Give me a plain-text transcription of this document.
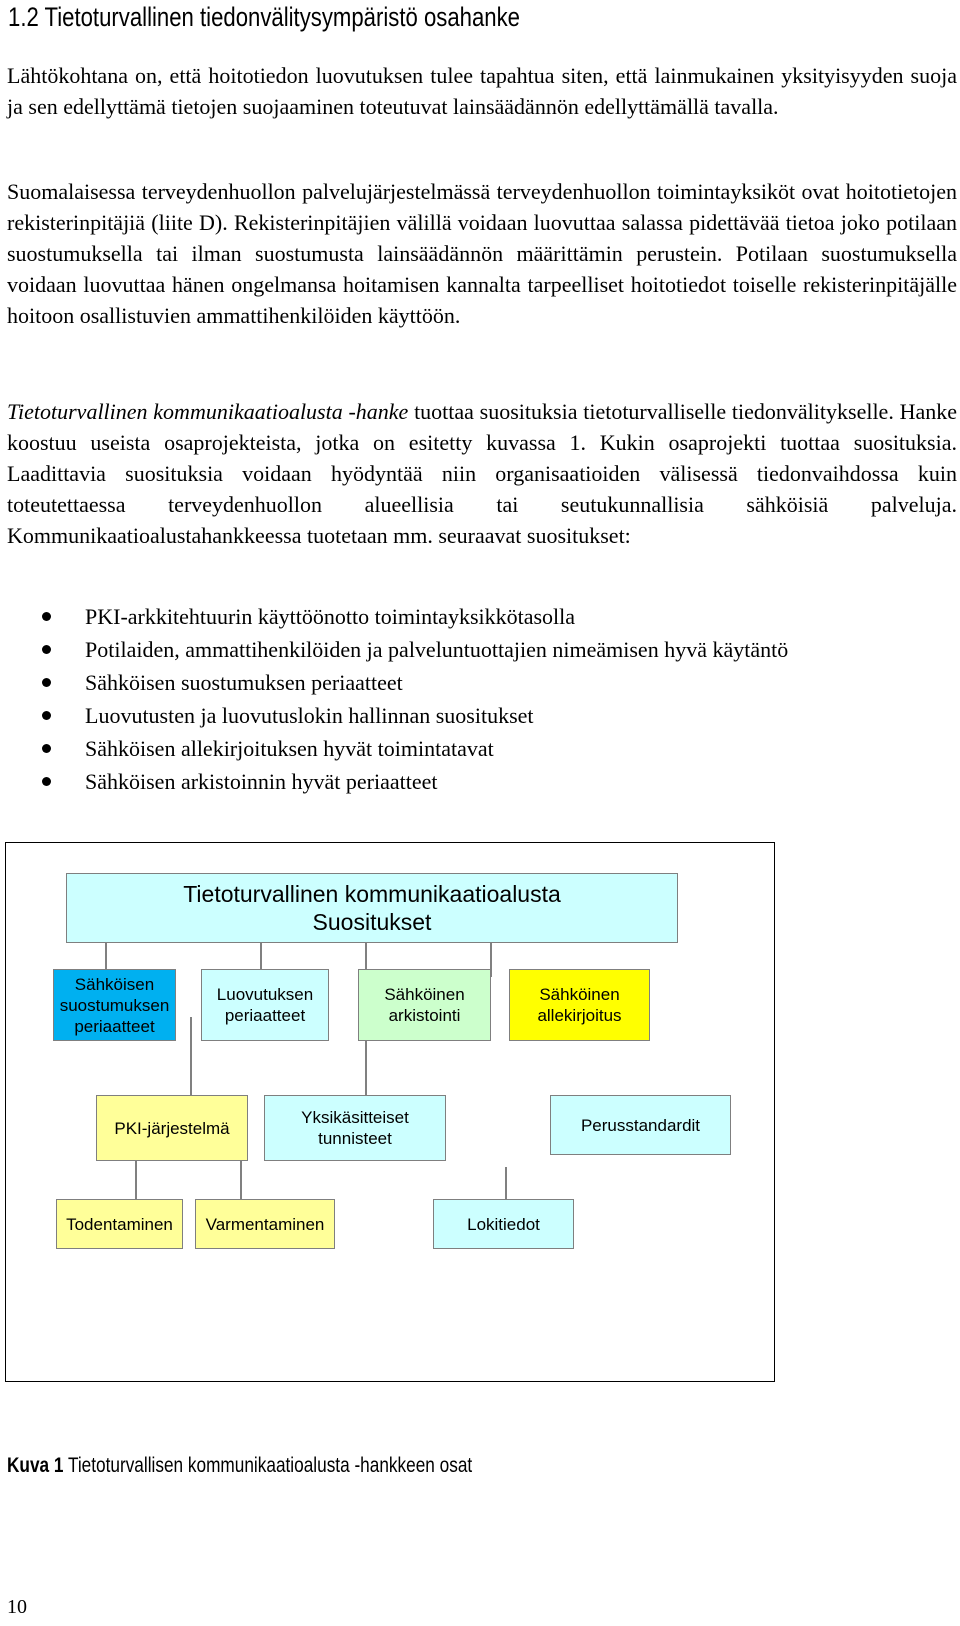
1.2 Tietoturvallinen tiedonvälitysympäristö osahanke

Lähtökohtana on, että hoitotiedon luovutuksen tulee tapahtua siten, että lainmukainen yksityisyyden suoja ja sen edellyttämä tietojen suojaaminen toteutuvat lainsäädännön edellyttämällä tavalla.

Suomalaisessa terveydenhuollon palvelujärjestelmässä terveydenhuollon toimintayksiköt ovat hoitotietojen rekisterinpitäjiä (liite D). Rekisterinpitäjien välillä voidaan luovuttaa salassa pidettävää tietoa joko potilaan suostumuksella tai ilman suostumusta lainsäädännön määrittämin perustein. Potilaan suostumuksella voidaan luovuttaa hänen ongelmansa hoitamisen kannalta tarpeelliset hoitotiedot toiselle rekisterinpitäjälle hoitoon osallistuvien ammattihenkilöiden käyttöön.

Tietoturvallinen kommunikaatioalusta -hanke tuottaa suosituksia tietoturvalliselle tiedonvälitykselle. Hanke koostuu useista osaprojekteista, jotka on esitetty kuvassa 1. Kukin osaprojekti tuottaa suosituksia. Laadittavia suosituksia voidaan hyödyntää niin organisaatioiden välisessä tiedonvaihdossa kuin toteutettaessa terveydenhuollon alueellisia tai seutukunnallisia sähköisiä palveluja. Kommunikaatioalustahankkeessa tuotetaan mm. seuraavat suositukset:

PKI-arkkitehtuurin käyttöönotto toimintayksikkötasolla
Potilaiden, ammattihenkilöiden ja palveluntuottajien nimeämisen hyvä käytäntö
Sähköisen suostumuksen periaatteet
Luovutusten ja luovutuslokin hallinnan suositukset
Sähköisen allekirjoituksen hyvät toimintatavat
Sähköisen arkistoinnin hyvät periaatteet
Tietoturvallinen kommunikaatioalusta
Suositukset
Sähköisen suostumuksen periaatteet
Luovutuksen periaatteet
Sähköinen arkistointi
Sähköinen allekirjoitus
PKI-järjestelmä
Yksikäsitteiset tunnisteet
Perusstandardit
Todentaminen	Varmentaminen	Lokitiedot
Kuva 1 Tietoturvallisen kommunikaatioalusta -hankkeen osat
10
